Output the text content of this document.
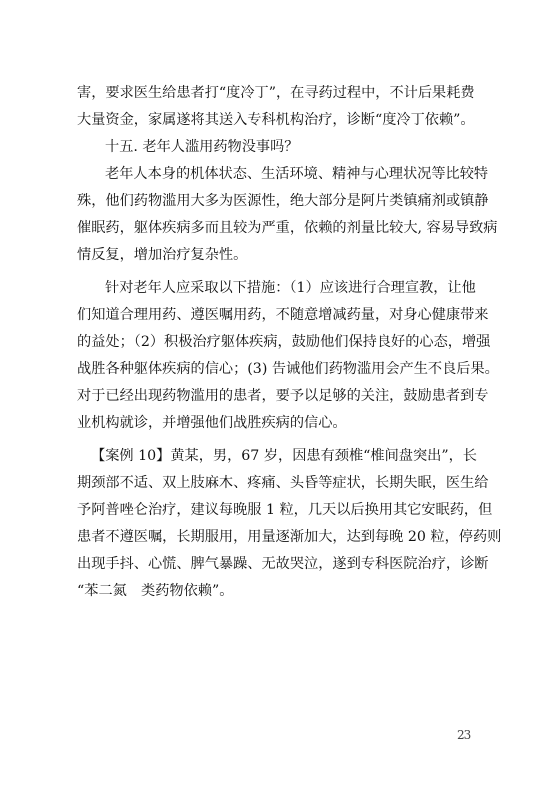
害，要求医生给患者打“度冷丁”，在寻药过程中，不计后果耗费
大量资金，家属遂将其送入专科机构治疗，诊断“度冷丁依赖”。
十五. 老年人滥用药物没事吗？
老年人本身的机体状态、生活环境、精神与心理状况等比较特
殊，他们药物滥用大多为医源性，绝大部分是阿片类镇痛剂或镇静
催眠药，躯体疾病多而且较为严重，依赖的剂量比较大, 容易导致病
情反复，增加治疗复杂性。
针对老年人应采取以下措施：（1）应该进行合理宣教，让他
们知道合理用药、遵医嘱用药，不随意增减药量，对身心健康带来
的益处；（2）积极治疗躯体疾病，鼓励他们保持良好的心态，增强
战胜各种躯体疾病的信心；(3) 告诫他们药物滥用会产生不良后果。
对于已经出现药物滥用的患者，要予以足够的关注，鼓励患者到专
业机构就诊，并增强他们战胜疾病的信心。
【案例 10】黄某，男，67 岁，因患有颈椎“椎间盘突出”，长
期颈部不适、双上肢麻木、疼痛、头昏等症状，长期失眠，医生给
予阿普唑仑治疗，建议每晚服 1 粒，几天以后换用其它安眠药，但
患者不遵医嘱，长期服用，用量逐渐加大，达到每晚 20 粒，停药则
出现手抖、心慌、脾气暴躁、无故哭泣，遂到专科医院治疗，诊断
“苯二氮　类药物依赖”。
23
